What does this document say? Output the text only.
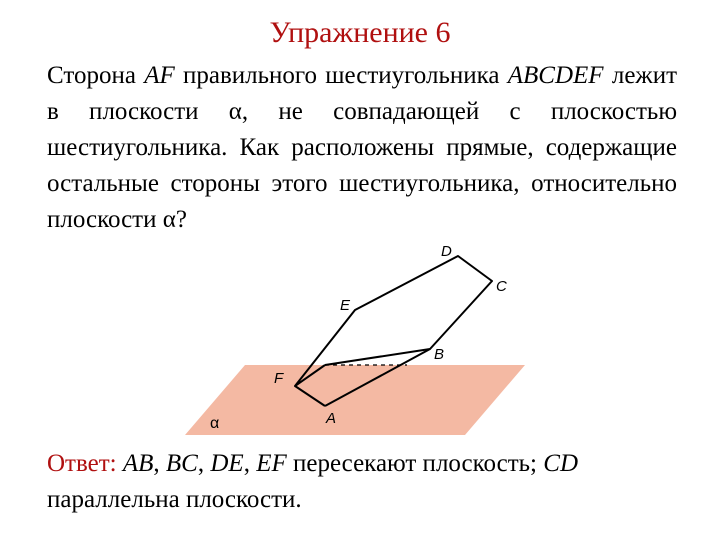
Упражнение 6
Сторона AF правильного шестиугольника ABCDEF лежит в плоскости α, не совпадающей с плоскостью шестиугольника. Как расположены прямые, содержащие остальные стороны этого шестиугольника, относительно плоскости α?
D
C
E
B
F
A
α
Ответ: AB, BC, DE, EF пересекают плоскость; CD параллельна плоскости.
